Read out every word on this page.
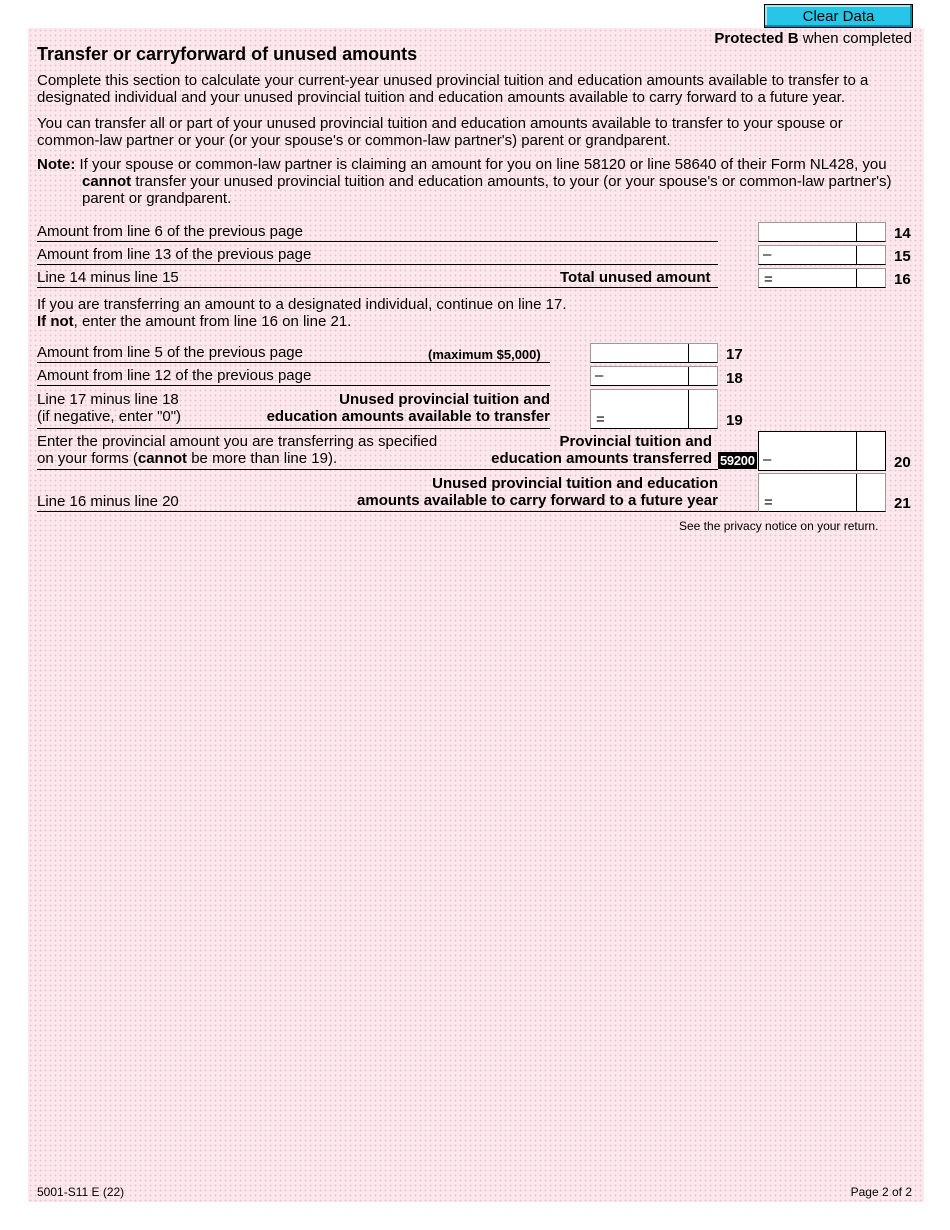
Clear Data
Protected B when completed
Transfer or carryforward of unused amounts
Complete this section to calculate your current-year unused provincial tuition and education amounts available to transfer to a designated individual and your unused provincial tuition and education amounts available to carry forward to a future year.
You can transfer all or part of your unused provincial tuition and education amounts available to transfer to your spouse or common-law partner or your (or your spouse's or common-law partner's) parent or grandparent.
Note: If your spouse or common-law partner is claiming an amount for you on line 58120 or line 58640 of their Form NL428, you cannot transfer your unused provincial tuition and education amounts, to your (or your spouse's or common-law partner's) parent or grandparent.
Amount from line 6 of the previous page	14
Amount from line 13 of the previous page	–	15
Line 14 minus line 15	Total unused amount	=	16
If you are transferring an amount to a designated individual, continue on line 17.
If not, enter the amount from line 16 on line 21.
Amount from line 5 of the previous page	(maximum $5,000)	17
Amount from line 12 of the previous page	–	18
Line 17 minus line 18
(if negative, enter "0")
Unused provincial tuition and
education amounts available to transfer	=	19
Enter the provincial amount you are transferring as specified
on your forms (cannot be more than line 19).
Provincial tuition and
education amounts transferred 59200 –	20
Line 16 minus line 20
Unused provincial tuition and education
amounts available to carry forward to a future year	=	21
See the privacy notice on your return.
5001-S11 E (22)	Page 2 of 2
